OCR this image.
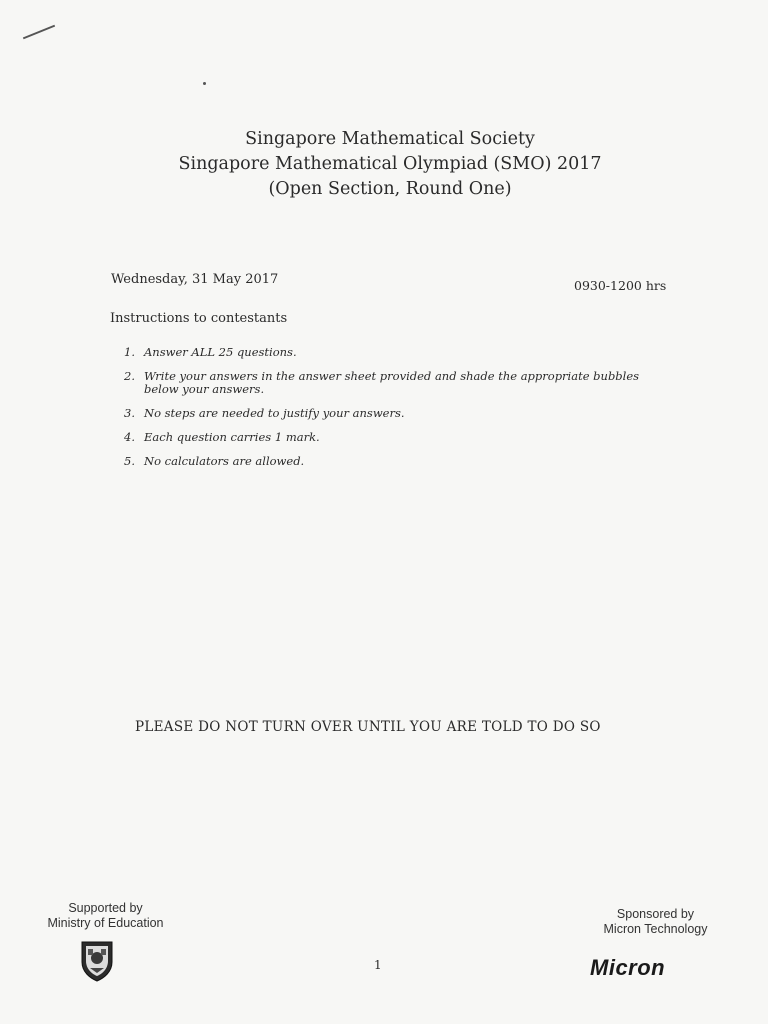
Singapore Mathematical Society
Singapore Mathematical Olympiad (SMO) 2017
(Open Section, Round One)
Wednesday, 31 May 2017	0930-1200 hrs
Instructions to contestants
1. Answer ALL 25 questions.
2. Write your answers in the answer sheet provided and shade the appropriate bubbles below your answers.
3. No steps are needed to justify your answers.
4. Each question carries 1 mark.
5. No calculators are allowed.
PLEASE DO NOT TURN OVER UNTIL YOU ARE TOLD TO DO SO
Supported by
Ministry of Education
1
Sponsored by
Micron Technology
Micron
